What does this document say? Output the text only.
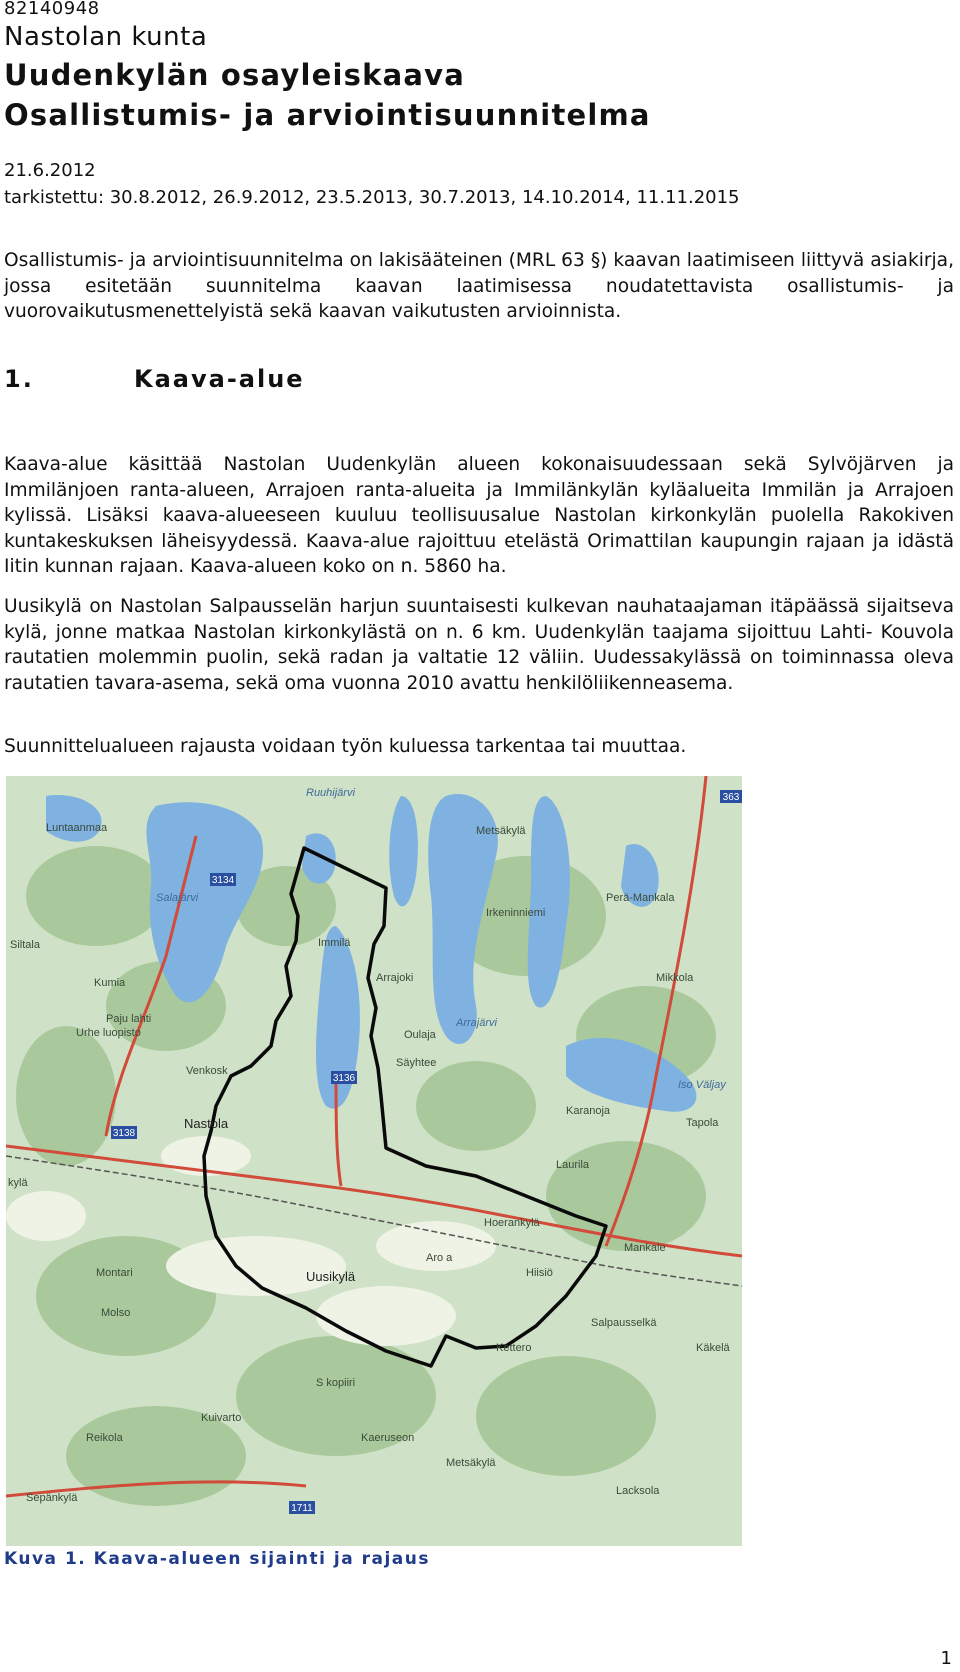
82140948
Nastolan kunta
Uudenkylän osayleiskaava
Osallistumis- ja arviointisuunnitelma
21.6.2012
tarkistettu: 30.8.2012, 26.9.2012, 23.5.2013, 30.7.2013, 14.10.2014, 11.11.2015
Osallistumis- ja arviointisuunnitelma on lakisääteinen (MRL 63 §) kaavan laatimiseen liittyvä asiakirja, jossa esitetään suunnitelma kaavan laatimisessa noudatettavista osallistumis- ja vuorovaikutusmenettelyistä sekä kaavan vaikutusten arvioinnista.
1.	Kaava-alue
Kaava-alue käsittää Nastolan Uudenkylän alueen kokonaisuudessaan sekä Sylvöjärven ja Immilänjoen ranta-alueen, Arrajoen ranta-alueita ja Immilänkylän kyläalueita Immilän ja Arrajoen kylissä. Lisäksi kaava-alueeseen kuuluu teollisuusalue Nastolan kirkonkylän puolella Rakokiven kuntakeskuksen läheisyydessä. Kaava-alue rajoittuu etelästä Orimattilan kaupungin rajaan ja idästä Iitin kunnan rajaan. Kaava-alueen koko on n. 5860 ha.
Uusikylä on Nastolan Salpausselän harjun suuntaisesti kulkevan nauhataajaman itäpäässä sijaitseva kylä, jonne matkaa Nastolan kirkonkylästä on n. 6 km. Uudenkylän taajama sijoittuu Lahti- Kouvola rautatien molemmin puolin, sekä radan ja valtatie 12 väliin. Uudessakylässä on toiminnassa oleva rautatien tavara-asema, sekä oma vuonna 2010 avattu henkilöliikenneasema.
Suunnittelualueen rajausta voidaan työn kuluessa tarkentaa tai muuttaa.
3134
3136
3138
363
1711
Luntaanmaa
Ruuhijärvi
Salajärvi
Siltala
Kumia
Paju lahti
Urhe luopisto
Immilä
Arrajoki
Metsäkylä
Irkeninniemi
Perä-Mankala
Mikkola
Arrajärvi
Oulaja
Säyhtee
Venkosk
Nastola
kylä
Karanoja
Tapola
Iso Väljay
Laurila
Hoerankylä
Mankale
Montari	Uusikylä
Aro a
Hiisiö
Molso
Salpausselkä
Kettero	Käkelä
S kopiiri
Kuivarto
Reikola	Kaeruseon
Metsäkylä
Sepänkylä
Lacksola
Kuva 1. Kaava-alueen sijainti ja rajaus
1
